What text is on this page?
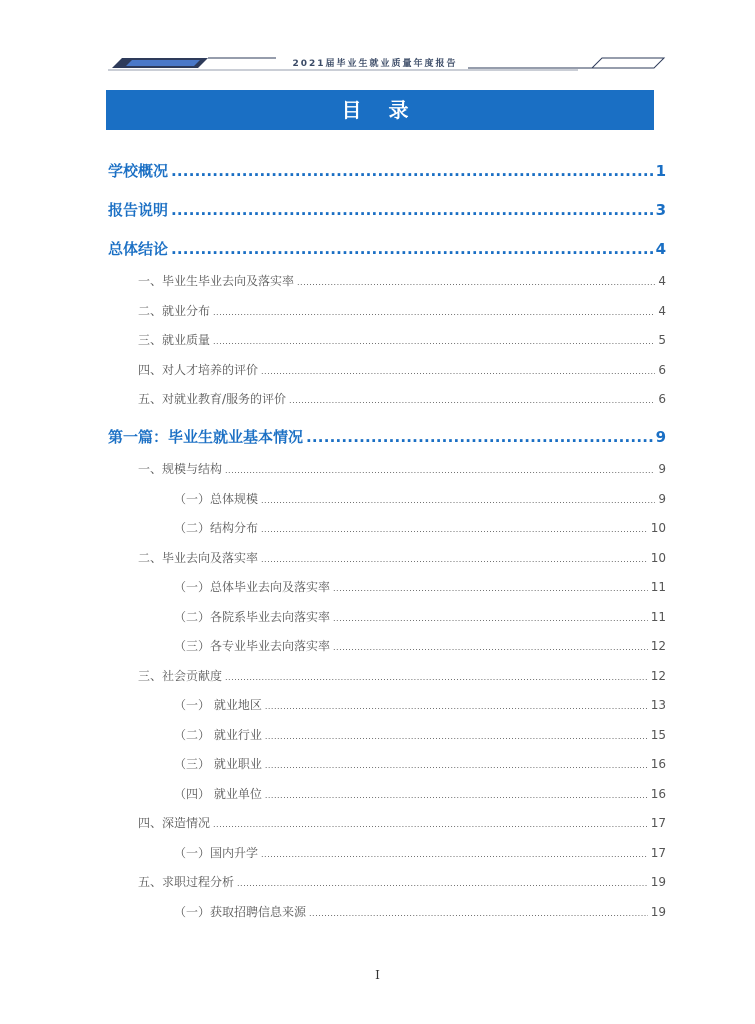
2021届毕业生就业质量年度报告
目 录
学校概况 .....	1
报告说明 .....	3
总体结论 .....	4
一、毕业生毕业去向及落实率 .....	4
二、就业分布 .....	4
三、就业质量 .....	5
四、对人才培养的评价 .....	6
五、对就业教育/服务的评价 .....	6
第一篇：毕业生就业基本情况 .....	9
一、规模与结构 .....	9
（一）总体规模 .....	9
（二）结构分布 .....	10
二、毕业去向及落实率 .....	10
（一）总体毕业去向及落实率 .....	11
（二）各院系毕业去向落实率 .....	11
（三）各专业毕业去向落实率 .....	12
三、社会贡献度 .....	12
（一） 就业地区 .....	13
（二） 就业行业 .....	15
（三） 就业职业 .....	16
（四） 就业单位 .....	16
四、深造情况 .....	17
（一）国内升学 .....	17
五、求职过程分析 .....	19
（一）获取招聘信息来源 .....	19
I
